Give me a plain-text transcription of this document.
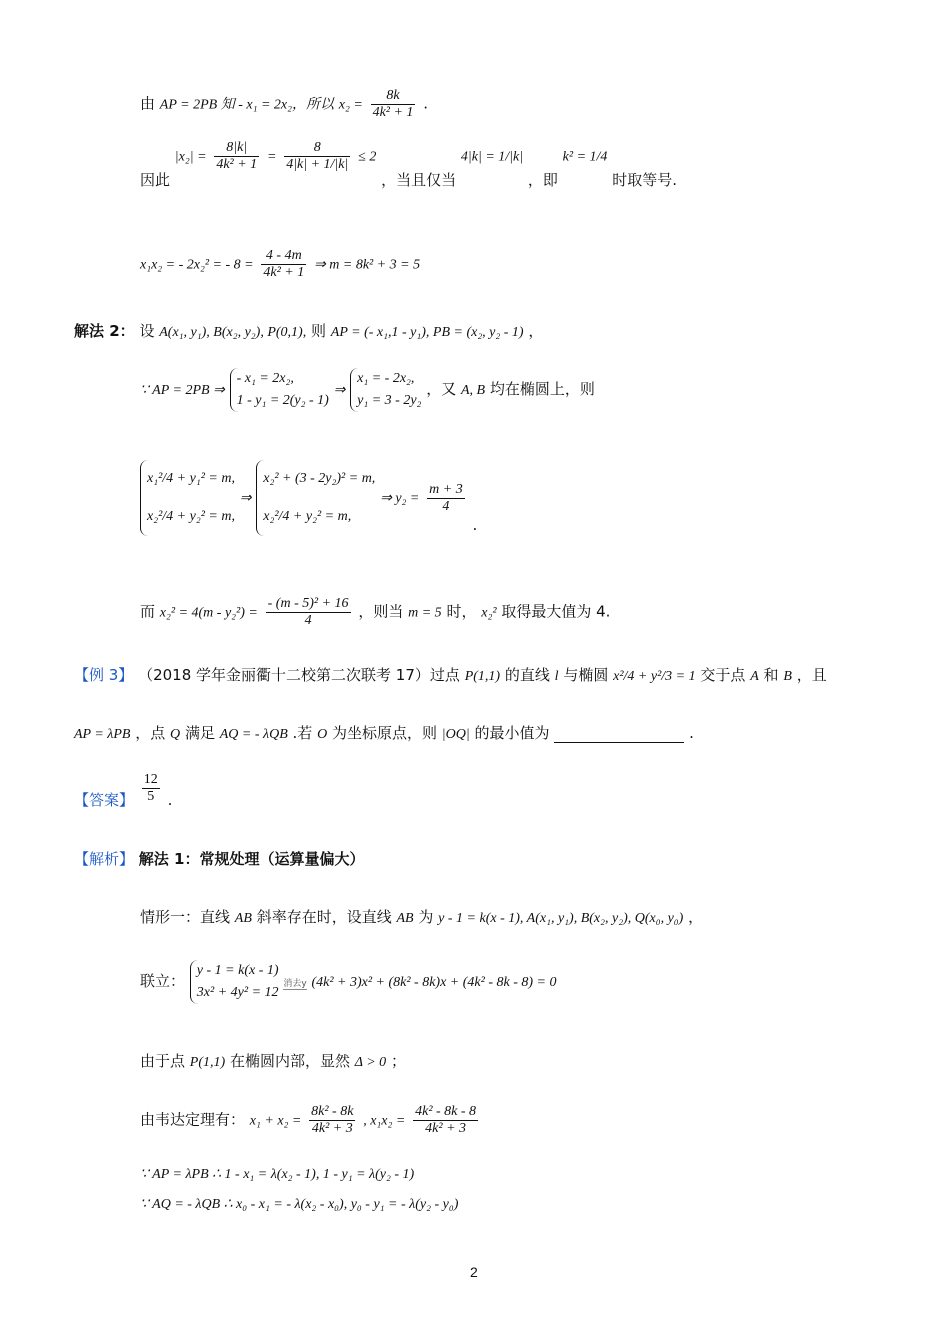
由 AP = 2PB 知 - x₁ = 2x₂，所以 $x_2 = \frac{8k}{\text{4k² + 1}}$ .
因此 $|x_2| = \frac{8|k|}{\text{4k² + 1}} = \frac{8}{4|k| + 1/|k|} \le 2$ ，当且仅当 4|k| = 1/|k| ，即 k² = 1/4 时取等号.
x₁x₂ = - 2x₂² = - $8 = \frac{4 - 4m}{\text{4k² + 1}}$ ⇒ m = 8k² + 3 = 5
解法 2： 设 A(x₁, y₁), B(x₂, y₂), P(0,1), 则 AP = (- x₁,1 - y₁), PB = (x₂, y₂ - 1) ，
∵ AP = 2PB ⇒ - x₁ = 2x₂,
1 - y₁ = 2(y₂ - 1) ⇒ x₁ = - 2x₂,
y₁ = 3 - 2y₂ ，又 A, B 均在椭圆上，则
x₁²/4 + y₁² = m,
x₂²/4 + y₂² = m, ⇒ x₂² + (3 - 2y₂)² = m,
x₂²/4 + y₂² = m, ⇒ $y_2 = \frac{m + 3}{4}$
.
而 $x_2^2 = 4(m - y_2^2) = \frac{\text{- (m - 5)² + 16}}{4}$ ，则当 m = 5 时， x₂² 取得最大值为 4.
【例 3】 （2018 学年金丽衢十二校第二次联考 17）过点 P(1,1) 的直线 l 与椭圆 x²/4 + y²/3 = 1 交于点 A 和 B ，且
AP = λPB ，点 Q 满足 AQ = - λQB .若 O 为坐标原点，则 |OQ| 的最小值为	.
【答案】 $\frac{12}{5}$ .
【解析】 解法 1：常规处理（运算量偏大）
情形一：直线 AB 斜率存在时，设直线 AB 为 y - 1 = k(x - 1), A(x₁, y₁), B(x₂, y₂), Q(x₀, y₀) ，
联立： y - 1 = k(x - 1)
3x² + 4y² = 12 消去y (4k² + 3)x² + (8k² - 8k)x + (4k² - 8k - 8) = 0
由于点 P(1,1) 在椭圆内部，显然 Δ > 0 ；
由韦达定理有： $x_1 + x_2 = \frac{\text{8k² - 8k}}{\text{4k² + 3}}$ , $x_1x_2 = \frac{\text{4k² - 8k - 8}}{\text{4k² + 3}}$
∵ AP = λPB ∴ 1 - x₁ = λ(x₂ - 1), 1 - y₁ = λ(y₂ - 1)
∵ AQ = - λQB ∴ x₀ - x₁ = - λ(x₂ - x₀), y₀ - y₁ = - λ(y₂ - y₀)
2
